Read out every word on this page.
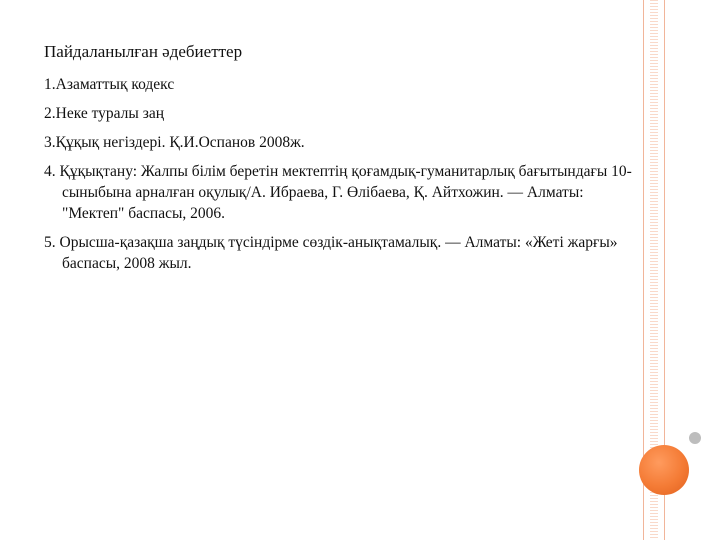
Пайдаланылған әдебиеттер
1.Азаматтық кодекс
2.Неке туралы заң
3.Құқық негіздері. Қ.И.Оспанов 2008ж.
4. Құқықтану: Жалпы білім беретін мектептің қоғамдық-гуманитарлық бағытындағы 10-сыныбына арналған оқулық/А. Ибраева, Г. Өлібаева, Қ. Айтхожин. — Алматы: "Мектеп" баспасы, 2006.
5. Орысша-қазақша заңдық түсіндірме сөздік-анықтамалық. — Алматы: «Жеті жарғы» баспасы, 2008 жыл.
